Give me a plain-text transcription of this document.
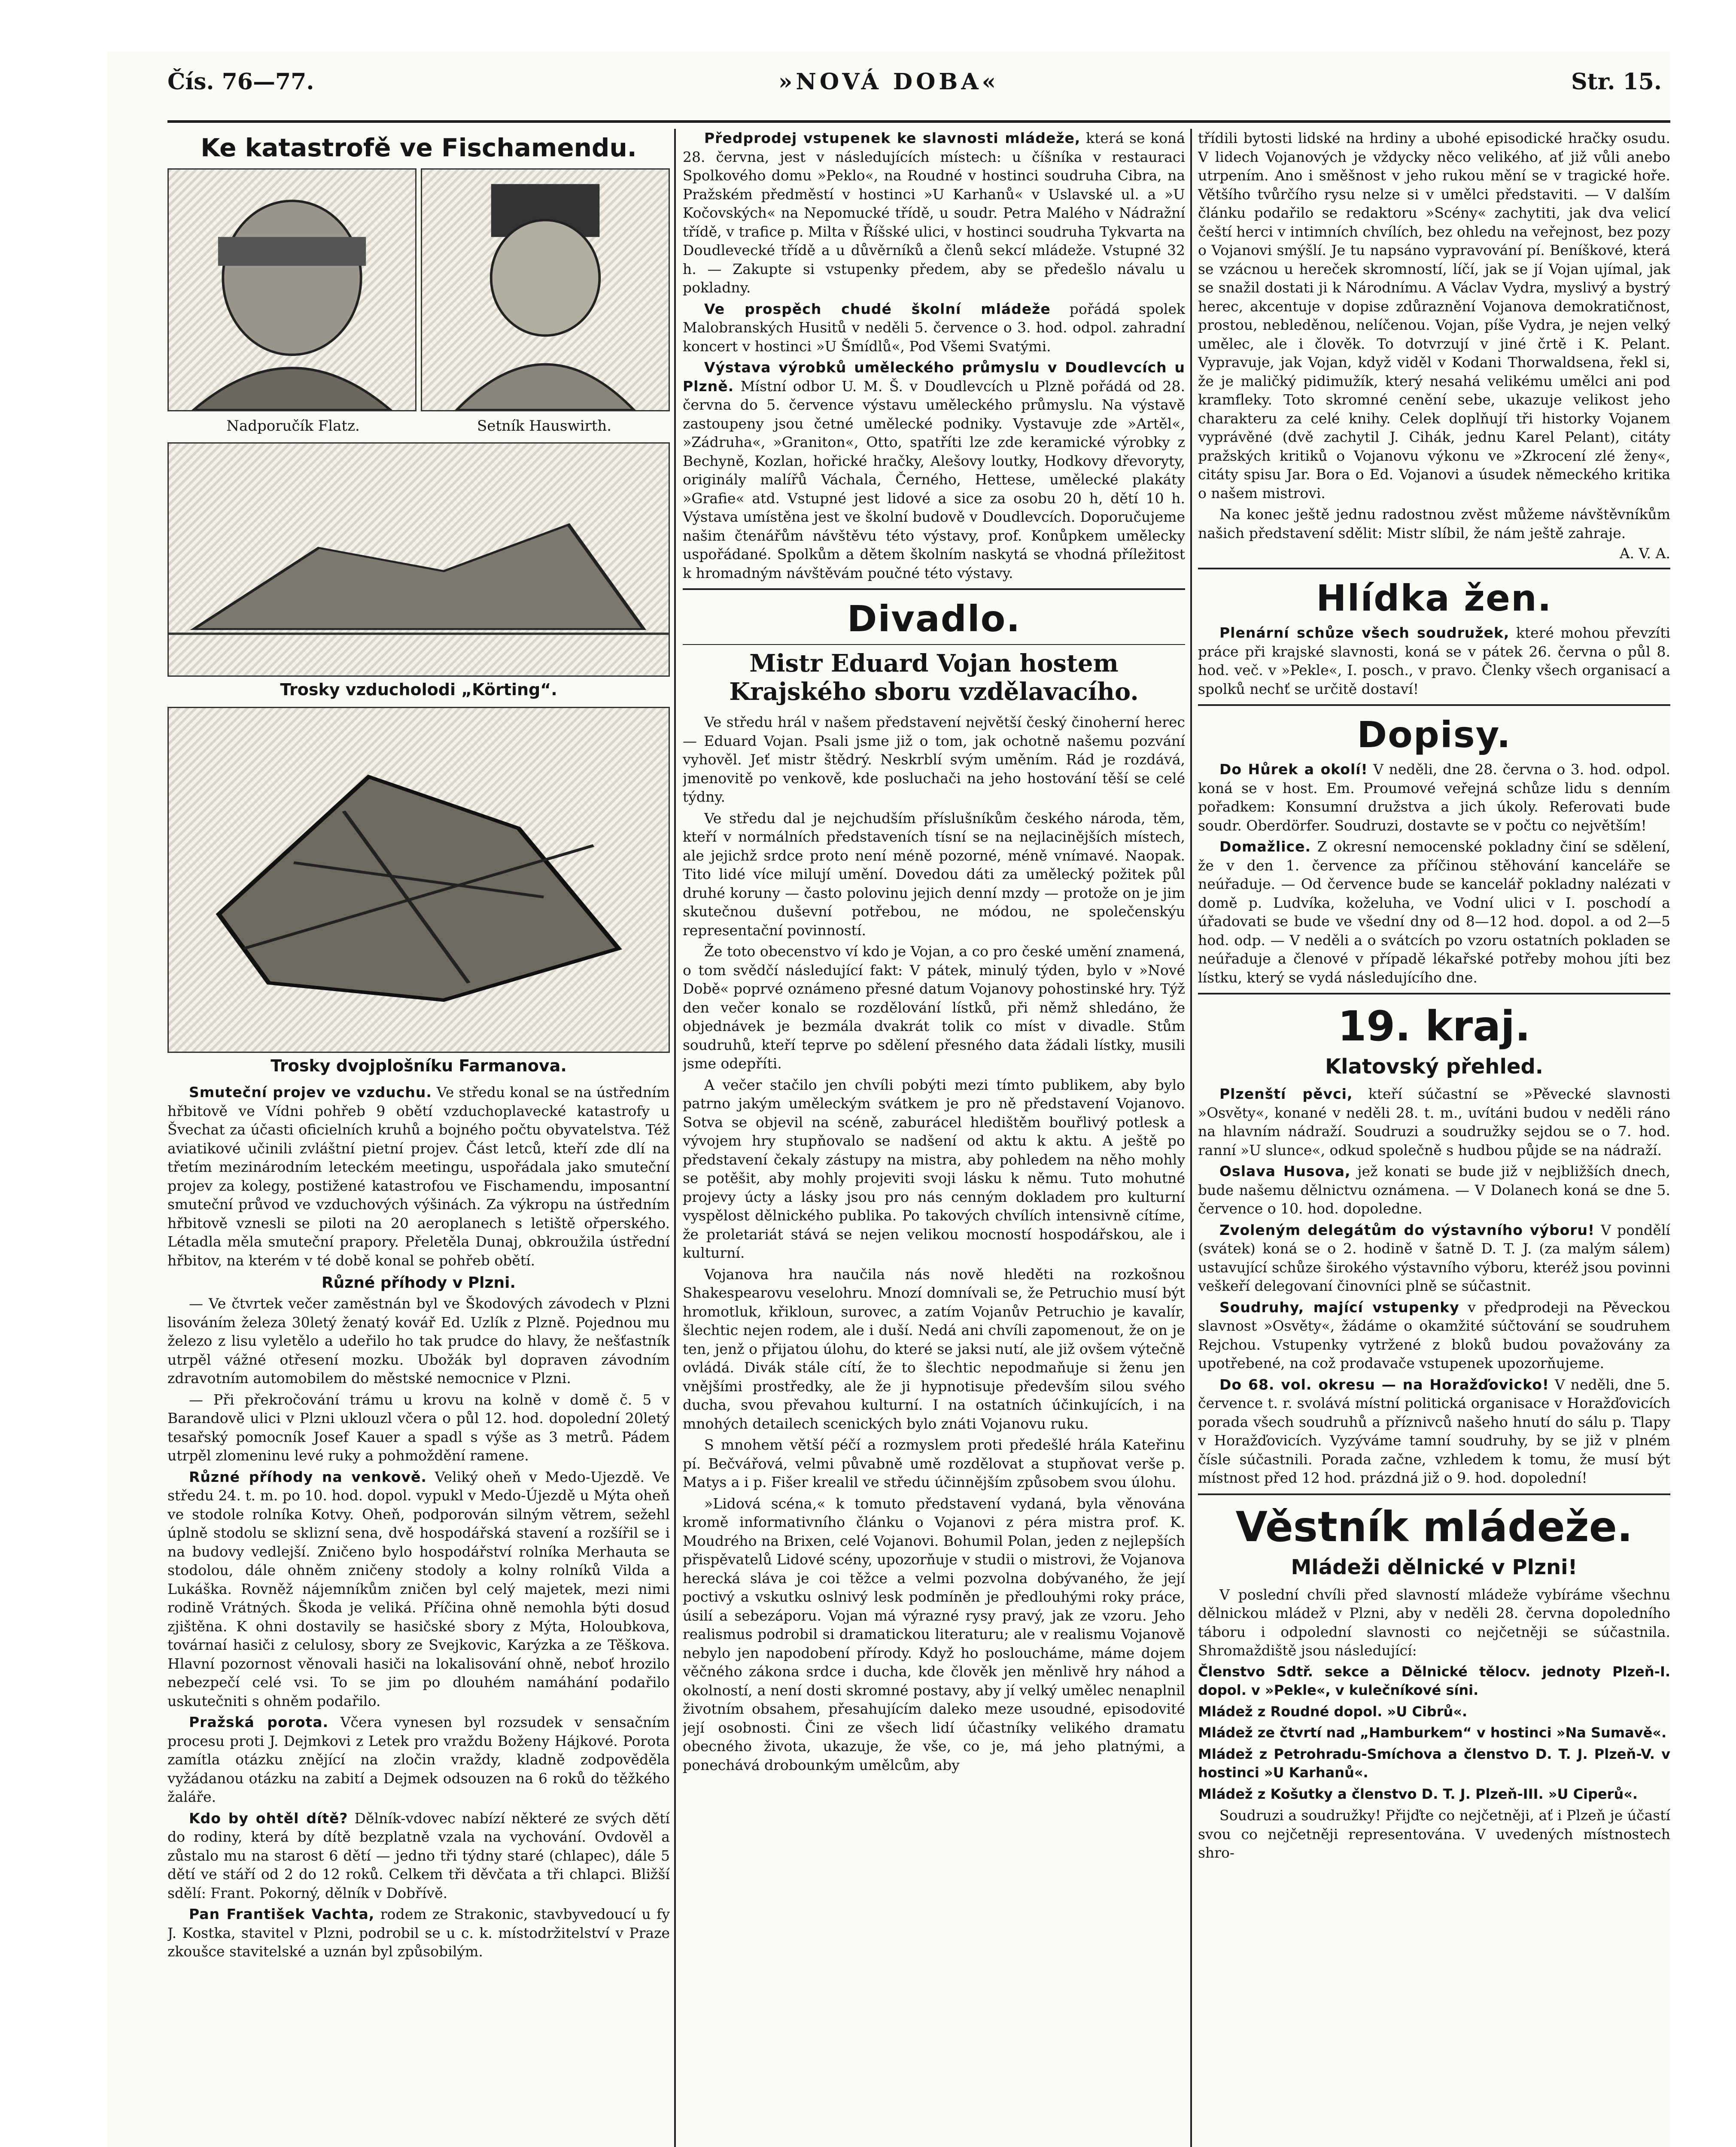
Čís. 76—77.	»NOVÁ DOBA«	Str. 15.
Ke katastrofě ve Fischamendu.
Nadporučík Flatz.	Setník Hauswirth.
Trosky vzducholodi „Körting“.
Trosky dvojplošníku Farmanova.

Smuteční projev ve vzduchu. Ve středu konal se na ústředním hřbitově ve Vídni pohřeb 9 obětí vzduchoplavecké katastrofy u Švechat za účasti oficielních kruhů a bojného počtu obyvatelstva. Též aviatikové učinili zvláštní pietní projev. Část letců, kteří zde dlí na třetím mezinárodním leteckém meetingu, uspořádala jako smuteční projev za kolegy, postižené katastrofou ve Fischamendu, imposantní smuteční průvod ve vzduchových výšinách. Za výkropu na ústředním hřbitově vznesli se piloti na 20 aeroplanech s letiště ořperského. Létadla měla smuteční prapory. Přeletěla Dunaj, obkroužila ústřední hřbitov, na kterém v té době konal se pohřeb obětí.

Různé příhody v Plzni.

— Ve čtvrtek večer zaměstnán byl ve Škodových závodech v Plzni lisováním železa 30letý ženatý kovář Ed. Uzlík z Plzně. Pojednou mu železo z lisu vyletělo a udeřilo ho tak prudce do hlavy, že nešťastník utrpěl vážné otřesení mozku. Ubožák byl dopraven závodním zdravotním automobilem do městské nemocnice v Plzni.

— Při překročování trámu u krovu na kolně v domě č. 5 v Barandově ulici v Plzni uklouzl včera o půl 12. hod. dopolední 20letý tesařský pomocník Josef Kauer a spadl s výše as 3 metrů. Pádem utrpěl zlomeninu levé ruky a pohmoždění ramene.

Různé příhody na venkově. Veliký oheň v Medo-Ujezdě. Ve středu 24. t. m. po 10. hod. dopol. vypukl v Medo-Újezdě u Mýta oheň ve stodole rolníka Kotvy. Oheň, podporován silným větrem, sežehl úplně stodolu se sklizní sena, dvě hospodářská stavení a rozšířil se i na budovy vedlejší. Zničeno bylo hospodářství rolníka Merhauta se stodolou, dále ohněm zničeny stodoly a kolny rolníků Vilda a Lukáška. Rovněž nájemníkům zničen byl celý majetek, mezi nimi rodině Vrátných. Škoda je veliká. Příčina ohně nemohla býti dosud zjištěna. K ohni dostavily se hasičské sbory z Mýta, Holoubkova, továrnaí hasiči z celulosy, sbory ze Svejkovic, Karýzka a ze Těškova. Hlavní pozornost věnovali hasiči na lokalisování ohně, neboť hrozilo nebezpečí celé vsi. To se jim po dlouhém namáhání podařilo uskutečniti s ohněm podařilo.

Pražská porota. Včera vynesen byl rozsudek v sensačním procesu proti J. Dejmkovi z Letek pro vraždu Boženy Hájkové. Porota zamítla otázku znějící na zločin vraždy, kladně zodpověděla vyžádanou otázku na zabití a Dejmek odsouzen na 6 roků do těžkého žaláře.

Kdo by ohtěl dítě? Dělník-vdovec nabízí některé ze svých dětí do rodiny, která by dítě bezplatně vzala na vychování. Ovdověl a zůstalo mu na starost 6 dětí — jedno tři týdny staré (chlapec), dále 5 dětí ve stáří od 2 do 12 roků. Celkem tři děvčata a tři chlapci. Bližší sdělí: Frant. Pokorný, dělník v Dobřívě.

Pan František Vachta, rodem ze Strakonic, stavbyvedoucí u fy J. Kostka, stavitel v Plzni, podrobil se u c. k. místodržitelství v Praze zkoušce stavitelské a uznán byl způsobilým.

Předprodej vstupenek ke slavnosti mládeže, která se koná 28. června, jest v následujících místech: u číšníka v restauraci Spolkového domu »Peklo«, na Roudné v hostinci soudruha Cibra, na Pražském předměstí v hostinci »U Karhanů« v Uslavské ul. a »U Kočovských« na Nepomucké třídě, u soudr. Petra Malého v Nádražní třídě, v trafice p. Milta v Říšské ulici, v hostinci soudruha Tykvarta na Doudlevecké třídě a u důvěrníků a členů sekcí mládeže. Vstupné 32 h. — Zakupte si vstupenky předem, aby se předešlo návalu u pokladny.

Ve prospěch chudé školní mládeže pořádá spolek Malobranských Husitů v neděli 5. července o 3. hod. odpol. zahradní koncert v hostinci »U Šmídlů«, Pod Všemi Svatými.

Výstava výrobků uměleckého průmyslu v Doudlevcích u Plzně. Místní odbor U. M. Š. v Doudlevcích u Plzně pořádá od 28. června do 5. července výstavu uměleckého průmyslu. Na výstavě zastoupeny jsou četné umělecké podniky. Vystavuje zde »Artěl«, »Zádruha«, »Graniton«, Otto, spatříti lze zde keramické výrobky z Bechyně, Kozlan, hořické hračky, Alešovy loutky, Hodkovy dřevoryty, originály malířů Váchala, Černého, Hettese, umělecké plakáty »Grafie« atd. Vstupné jest lidové a sice za osobu 20 h, dětí 10 h. Výstava umístěna jest ve školní budově v Doudlevcích. Doporučujeme našim čtenářům návštěvu této výstavy, prof. Konůpkem umělecky uspořádané. Spolkům a dětem školním naskytá se vhodná příležitost k hromadným návštěvám poučné této výstavy.

Divadlo.
Mistr Eduard Vojan hostem Krajského sboru vzdělavacího.

Ve středu hrál v našem představení největší český činoherní herec — Eduard Vojan. Psali jsme již o tom, jak ochotně našemu pozvání vyhověl. Jeť mistr štědrý. Neskrblí svým uměním. Rád je rozdává, jmenovitě po venkově, kde posluchači na jeho hostování těší se celé týdny.

Ve středu dal je nejchudším příslušníkům českého národa, těm, kteří v normálních představeních tísní se na nejlacinějších místech, ale jejichž srdce proto není méně pozorné, méně vnímavé. Naopak. Tito lidé více milují umění. Dovedou dáti za umělecký požitek půl druhé koruny — často polovinu jejich denní mzdy — protože on je jim skutečnou duševní potřebou, ne módou, ne společenskýu representační povinností.

Že toto obecenstvo ví kdo je Vojan, a co pro české umění znamená, o tom svědčí následující fakt: V pátek, minulý týden, bylo v »Nové Době« poprvé oznámeno přesné datum Vojanovy pohostinské hry. Týž den večer konalo se rozdělování lístků, při němž shledáno, že objednávek je bezmála dvakrát tolik co míst v divadle. Stům soudruhů, kteří teprve po sdělení přesného data žádali lístky, musili jsme odepříti.

A večer stačilo jen chvíli pobýti mezi tímto publikem, aby bylo patrno jakým uměleckým svátkem je pro ně představení Vojanovo. Sotva se objevil na scéně, zaburácel hledištěm bouřlivý potlesk a vývojem hry stupňovalo se nadšení od aktu k aktu. A ještě po představení čekaly zástupy na mistra, aby pohledem na něho mohly se potěšit, aby mohly projeviti svoji lásku k němu. Tuto mohutné projevy úcty a lásky jsou pro nás cenným dokladem pro kulturní vyspělost dělnického publika. Po takových chvílích intensivně cítíme, že proletariát stává se nejen velikou mocností hospodářskou, ale i kulturní.

Vojanova hra naučila nás nově hleděti na rozkošnou Shakespearovu veselohru. Mnozí domnívali se, že Petruchio musí být hromotluk, křikloun, surovec, a zatím Vojanův Petruchio je kavalír, šlechtic nejen rodem, ale i duší. Nedá ani chvíli zapomenout, že on je ten, jenž o přijatou úlohu, do které se jaksi nutí, ale již ovšem výtečně ovládá. Divák stále cítí, že to šlechtic nepodmaňuje si ženu jen vnějšími prostředky, ale že ji hypnotisuje především silou svého ducha, svou převahou kulturní. I na ostatních účinkujících, i na mnohých detailech scenických bylo znáti Vojanovu ruku.

S mnohem větší péčí a rozmyslem proti předešlé hrála Kateřinu pí. Bečvářová, velmi půvabně umě rozdělovat a stupňovat verše p. Matys a i p. Fišer krealil ve středu účinnějším způsobem svou úlohu.

»Lidová scéna,« k tomuto představení vydaná, byla věnována kromě informativního článku o Vojanovi z péra mistra prof. K. Moudrého na Brixen, celé Vojanovi. Bohumil Polan, jeden z nejlepších přispěvatelů Lidové scény, upozorňuje v studii o mistrovi, že Vojanova herecká sláva je coi těžce a velmi pozvolna dobývaného, že její poctivý a vskutku oslnivý lesk podmíněn je předlouhými roky práce, úsilí a sebezáporu. Vojan má výrazné rysy pravý, jak ze vzoru. Jeho realismus podrobil si dramatickou literaturu; ale v realismu Vojanově nebylo jen napodobení přírody. Když ho posloucháme, máme dojem věčného zákona srdce i ducha, kde člověk jen měnlivě hry náhod a okolností, a není dosti skromné postavy, aby jí velký umělec nenaplnil životním obsahem, přesahujícím daleko meze usoudné, episodovité její osobnosti. Čini ze všech lidí účastníky velikého dramatu obecného života, ukazuje, že vše, co je, má jeho platnými, a ponechává drobounkým umělcům, aby

třídili bytosti lidské na hrdiny a ubohé episodické hračky osudu. V lidech Vojanových je vždycky něco velikého, ať již vůli anebo utrpením. Ano i směšnost v jeho rukou mění se v tragické hoře. Většího tvůrčího rysu nelze si v umělci představiti. — V dalším článku podařilo se redaktoru »Scény« zachytiti, jak dva velicí čeští herci v intimních chvílích, bez ohledu na veřejnost, bez pozy o Vojanovi smýšlí. Je tu napsáno vypravování pí. Beníškové, která se vzácnou u hereček skromností, líčí, jak se jí Vojan ujímal, jak se snažil dostati ji k Národnímu. A Václav Vydra, myslivý a bystrý herec, akcentuje v dopise zdůraznění Vojanova demokratičnost, prostou, nebleděnou, nelíčenou. Vojan, píše Vydra, je nejen velký umělec, ale i člověk. To dotvrzují v jiné črtě i K. Pelant. Vypravuje, jak Vojan, když viděl v Kodani Thorwaldsena, řekl si, že je maličký pidimužík, který nesahá velikému umělci ani pod kramfleky. Toto skromné cenění sebe, ukazuje velikost jeho charakteru za celé knihy. Celek doplňují tři historky Vojanem vyprávěné (dvě zachytil J. Cihák, jednu Karel Pelant), citáty pražských kritiků o Vojanovu výkonu ve »Zkrocení zlé ženy«, citáty spisu Jar. Bora o Ed. Vojanovi a úsudek německého kritika o našem mistrovi.

Na konec ještě jednu radostnou zvěst můžeme návštěvníkům našich představení sdělit: Mistr slíbil, že nám ještě zahraje.

A. V. A.
Hlídka žen.

Plenární schůze všech soudružek, které mohou převzíti práce při krajské slavnosti, koná se v pátek 26. června o půl 8. hod. več. v »Pekle«, I. posch., v pravo. Členky všech organisací a spolků nechť se určitě dostaví!

Dopisy.

Do Hůrek a okolí! V neděli, dne 28. června o 3. hod. odpol. koná se v host. Em. Proumové veřejná schůze lidu s denním pořadkem: Konsumní družstva a jich úkoly. Referovati bude soudr. Oberdörfer. Soudruzi, dostavte se v počtu co největším!

Domažlice. Z okresní nemocenské pokladny činí se sdělení, že v den 1. července za příčinou stěhování kanceláře se neúřaduje. — Od července bude se kancelář pokladny nalézati v domě p. Ludvíka, koželuha, ve Vodní ulici v I. poschodí a úřadovati se bude ve všední dny od 8—12 hod. dopol. a od 2—5 hod. odp. — V neděli a o svátcích po vzoru ostatních pokladen se neúřaduje a členové v případě lékařské potřeby mohou jíti bez lístku, který se vydá následujícího dne.

19. kraj.
Klatovský přehled.

Plzenští pěvci, kteří súčastní se »Pěvecké slavnosti »Osvěty«, konané v neděli 28. t. m., uvítáni budou v neděli ráno na hlavním nádraží. Soudruzi a soudružky sejdou se o 7. hod. ranní »U slunce«, odkud společně s hudbou půjde se na nádraží.

Oslava Husova, jež konati se bude již v nejbližších dnech, bude našemu dělnictvu oznámena. — V Dolanech koná se dne 5. července o 10. hod. dopoledne.

Zvoleným delegátům do výstavního výboru! V pondělí (svátek) koná se o 2. hodině v šatně D. T. J. (za malým sálem) ustavující schůze širokého výstavního výboru, kteréž jsou povinni veškeří delegovaní činovníci plně se súčastnit.

Soudruhy, mající vstupenky v předprodeji na Pěveckou slavnost »Osvěty«, žádáme o okamžité súčtování se soudruhem Rejchou. Vstupenky vytržené z bloků budou považovány za upotřebené, na což prodavače vstupenek upozorňujeme.

Do 68. vol. okresu — na Horažďovicko! V neděli, dne 5. července t. r. svolává místní politická organisace v Horažďovicích porada všech soudruhů a příznivců našeho hnutí do sálu p. Tlapy v Horažďovicích. Vyzýváme tamní soudruhy, by se již v plném čísle súčastnili. Porada začne, vzhledem k tomu, že musí být místnost před 12 hod. prázdná již o 9. hod. dopolední!

Věstník mládeže.
Mládeži dělnické v Plzni!

V poslední chvíli před slavností mládeže vybíráme všechnu dělnickou mládež v Plzni, aby v neděli 28. června dopoledního táboru i odpolední slavnosti co nejčetněji se súčastnila. Shromaždiště jsou následující:

Členstvo Sdtř. sekce a Dělnické tělocv. jednoty Plzeň-I. dopol. v »Pekle«, v kulečníkové síni.

Mládež z Roudné dopol. »U Cibrů«.

Mládež ze čtvrtí nad „Hamburkem“ v hostinci »Na Sumavě«.

Mládež z Petrohradu-Smíchova a členstvo D. T. J. Plzeň-V. v hostinci »U Karhanů«.

Mládež z Košutky a členstvo D. T. J. Plzeň-III. »U Ciperů«.

Soudruzi a soudružky! Přijďte co nejčetněji, ať i Plzeň je účastí svou co nejčetněji representována. V uvedených místnostech shro-
